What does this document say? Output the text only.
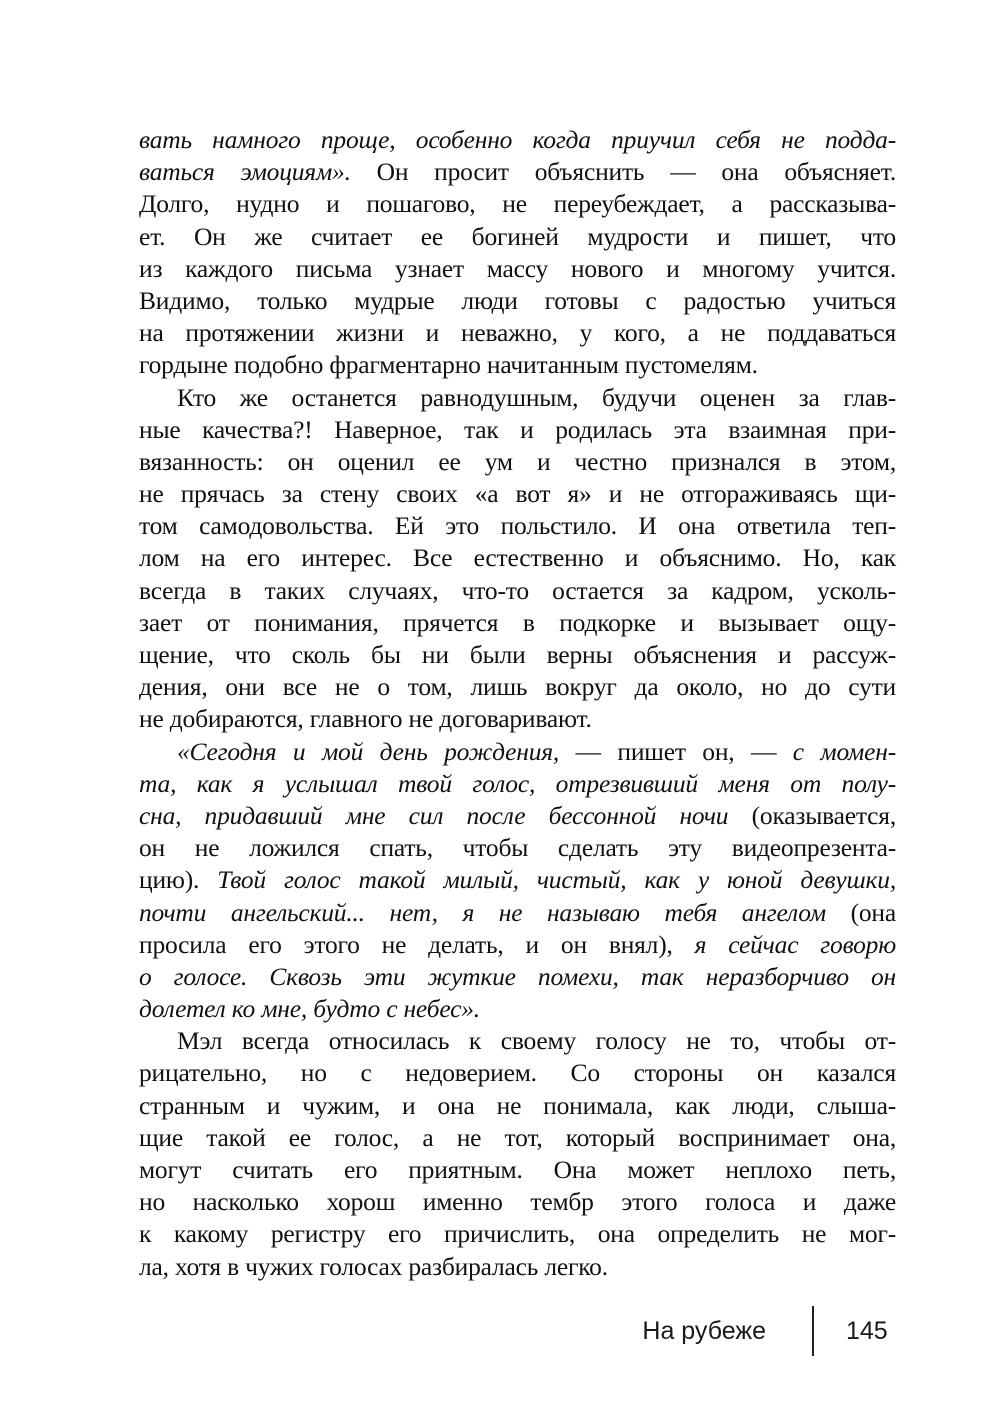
вать намного проще, особенно когда приучил себя не подда-
ваться эмоциям». Он просит объяснить — она объясняет.
Долго, нудно и пошагово, не переубеждает, а рассказыва-
ет. Он же считает ее богиней мудрости и пишет, что
из каждого письма узнает массу нового и многому учится.
Видимо, только мудрые люди готовы с радостью учиться
на протяжении жизни и неважно, у кого, а не поддаваться
гордыне подобно фрагментарно начитанным пустомелям.
Кто же останется равнодушным, будучи оценен за глав-
ные качества?! Наверное, так и родилась эта взаимная при-
вязанность: он оценил ее ум и честно признался в этом,
не прячась за стену своих «а вот я» и не отгораживаясь щи-
том самодовольства. Ей это польстило. И она ответила теп-
лом на его интерес. Все естественно и объяснимо. Но, как
всегда в таких случаях, что-то остается за кадром, усколь-
зает от понимания, прячется в подкорке и вызывает ощу-
щение, что сколь бы ни были верны объяснения и рассуж-
дения, они все не о том, лишь вокруг да около, но до сути
не добираются, главного не договаривают.
«Сегодня и мой день рождения, — пишет он, — с момен-
та, как я услышал твой голос, отрезвивший меня от полу-
сна, придавший мне сил после бессонной ночи (оказывается,
он не ложился спать, чтобы сделать эту видеопрезента-
цию). Твой голос такой милый, чистый, как у юной девушки,
почти ангельский... нет, я не называю тебя ангелом (она
просила его этого не делать, и он внял), я сейчас говорю
о голосе. Сквозь эти жуткие помехи, так неразборчиво он
долетел ко мне, будто с небес».
Мэл всегда относилась к своему голосу не то, чтобы от-
рицательно, но с недоверием. Со стороны он казался
странным и чужим, и она не понимала, как люди, слыша-
щие такой ее голос, а не тот, который воспринимает она,
могут считать его приятным. Она может неплохо петь,
но насколько хорош именно тембр этого голоса и даже
к какому регистру его причислить, она определить не мог-
ла, хотя в чужих голосах разбиралась легко.
На рубеже	145
